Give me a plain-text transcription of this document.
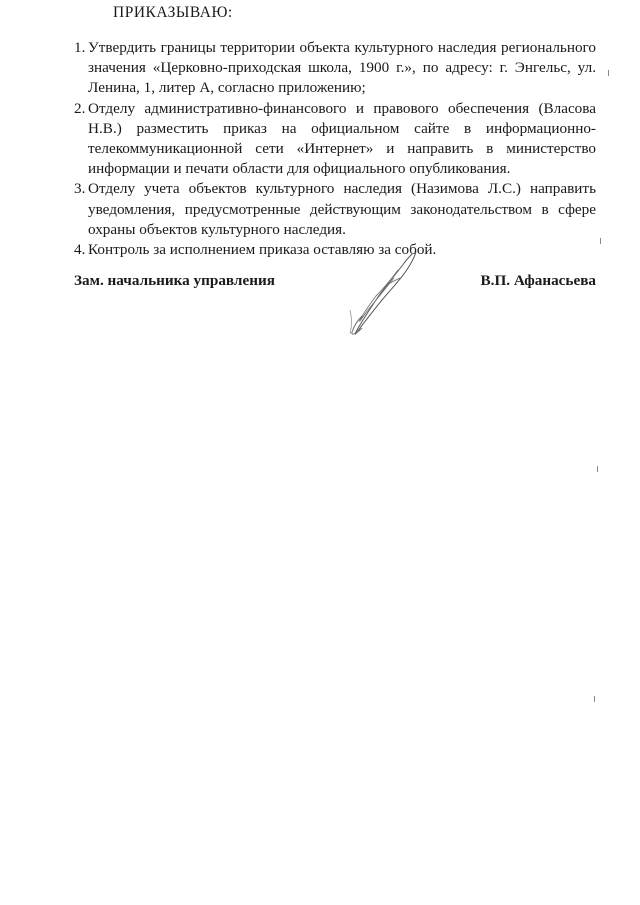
ПРИКАЗЫВАЮ:
1. Утвердить границы территории объекта культурного наследия регионального значения «Церковно-приходская школа, 1900 г.», по адресу: г. Энгельс, ул. Ленина, 1, литер А, согласно приложению;
2. Отделу административно-финансового и правового обеспечения (Власова Н.В.) разместить приказ на официальном сайте в информационно-телекоммуникационной сети «Интернет» и направить в министерство информации и печати области для официального опубликования.
3. Отделу учета объектов культурного наследия (Назимова Л.С.) направить уведомления, предусмотренные действующим законодательством в сфере охраны объектов культурного наследия.
4. Контроль за исполнением приказа оставляю за собой.
Зам. начальника управления	В.П. Афанасьева
